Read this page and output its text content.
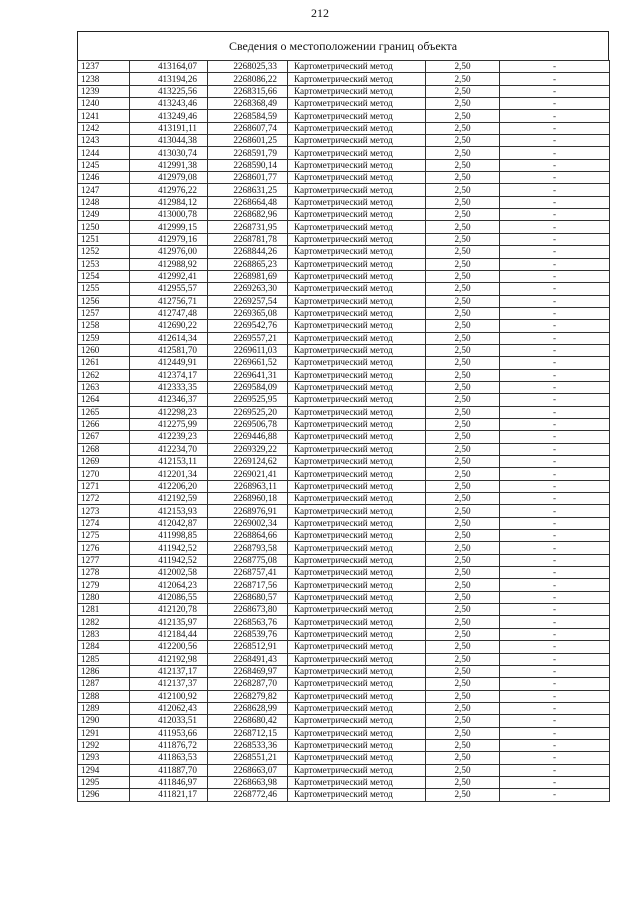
212
Сведения о местоположении границ объекта
1237	413164,07	2268025,33	Картометрический метод	2,50	-
1238	413194,26	2268086,22	Картометрический метод	2,50	-
1239	413225,56	2268315,66	Картометрический метод	2,50	-
1240	413243,46	2268368,49	Картометрический метод	2,50	-
1241	413249,46	2268584,59	Картометрический метод	2,50	-
1242	413191,11	2268607,74	Картометрический метод	2,50	-
1243	413044,38	2268601,25	Картометрический метод	2,50	-
1244	413030,74	2268591,79	Картометрический метод	2,50	-
1245	412991,38	2268590,14	Картометрический метод	2,50	-
1246	412979,08	2268601,77	Картометрический метод	2,50	-
1247	412976,22	2268631,25	Картометрический метод	2,50	-
1248	412984,12	2268664,48	Картометрический метод	2,50	-
1249	413000,78	2268682,96	Картометрический метод	2,50	-
1250	412999,15	2268731,95	Картометрический метод	2,50	-
1251	412979,16	2268781,78	Картометрический метод	2,50	-
1252	412976,00	2268844,26	Картометрический метод	2,50	-
1253	412988,92	2268865,23	Картометрический метод	2,50	-
1254	412992,41	2268981,69	Картометрический метод	2,50	-
1255	412955,57	2269263,30	Картометрический метод	2,50	-
1256	412756,71	2269257,54	Картометрический метод	2,50	-
1257	412747,48	2269365,08	Картометрический метод	2,50	-
1258	412690,22	2269542,76	Картометрический метод	2,50	-
1259	412614,34	2269557,21	Картометрический метод	2,50	-
1260	412581,70	2269611,03	Картометрический метод	2,50	-
1261	412449,91	2269661,52	Картометрический метод	2,50	-
1262	412374,17	2269641,31	Картометрический метод	2,50	-
1263	412333,35	2269584,09	Картометрический метод	2,50	-
1264	412346,37	2269525,95	Картометрический метод	2,50	-
1265	412298,23	2269525,20	Картометрический метод	2,50	-
1266	412275,99	2269506,78	Картометрический метод	2,50	-
1267	412239,23	2269446,88	Картометрический метод	2,50	-
1268	412234,70	2269329,22	Картометрический метод	2,50	-
1269	412153,11	2269124,62	Картометрический метод	2,50	-
1270	412201,34	2269021,41	Картометрический метод	2,50	-
1271	412206,20	2268963,11	Картометрический метод	2,50	-
1272	412192,59	2268960,18	Картометрический метод	2,50	-
1273	412153,93	2268976,91	Картометрический метод	2,50	-
1274	412042,87	2269002,34	Картометрический метод	2,50	-
1275	411998,85	2268864,66	Картометрический метод	2,50	-
1276	411942,52	2268793,58	Картометрический метод	2,50	-
1277	411942,52	2268775,08	Картометрический метод	2,50	-
1278	412002,58	2268757,41	Картометрический метод	2,50	-
1279	412064,23	2268717,56	Картометрический метод	2,50	-
1280	412086,55	2268680,57	Картометрический метод	2,50	-
1281	412120,78	2268673,80	Картометрический метод	2,50	-
1282	412135,97	2268563,76	Картометрический метод	2,50	-
1283	412184,44	2268539,76	Картометрический метод	2,50	-
1284	412200,56	2268512,91	Картометрический метод	2,50	-
1285	412192,98	2268491,43	Картометрический метод	2,50	-
1286	412137,17	2268469,97	Картометрический метод	2,50	-
1287	412137,37	2268287,70	Картометрический метод	2,50	-
1288	412100,92	2268279,82	Картометрический метод	2,50	-
1289	412062,43	2268628,99	Картометрический метод	2,50	-
1290	412033,51	2268680,42	Картометрический метод	2,50	-
1291	411953,66	2268712,15	Картометрический метод	2,50	-
1292	411876,72	2268533,36	Картометрический метод	2,50	-
1293	411863,53	2268551,21	Картометрический метод	2,50	-
1294	411887,70	2268663,07	Картометрический метод	2,50	-
1295	411846,97	2268663,98	Картометрический метод	2,50	-
1296	411821,17	2268772,46	Картометрический метод	2,50	-
